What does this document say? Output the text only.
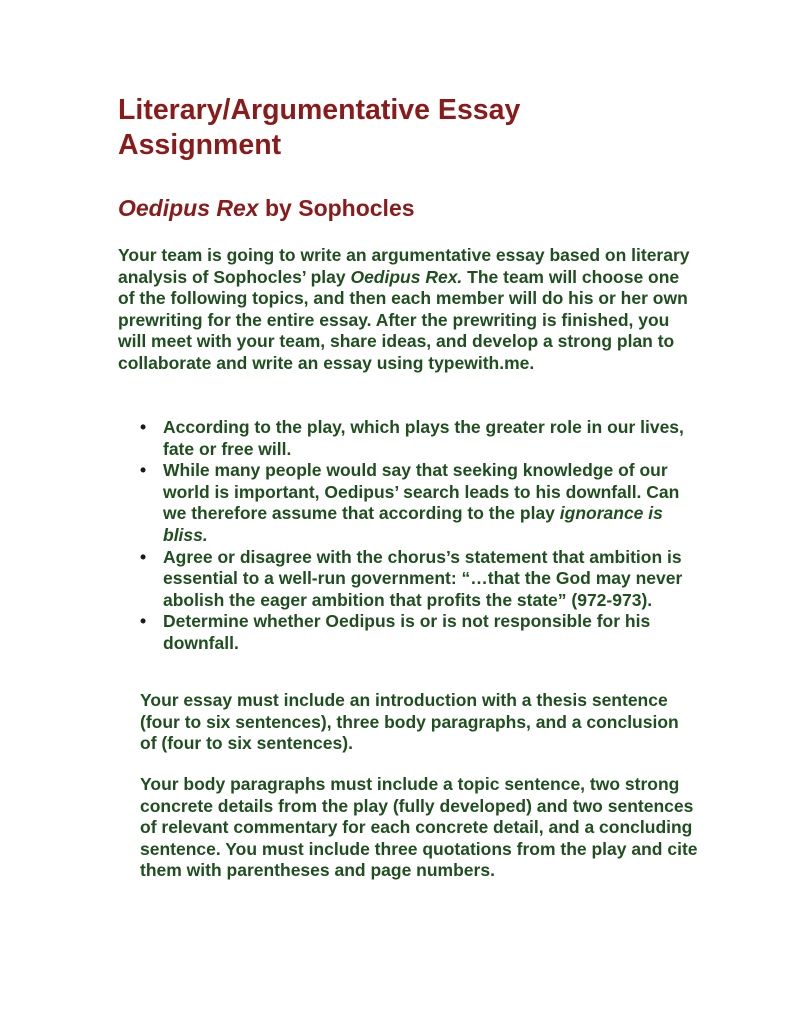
Literary/Argumentative Essay
Assignment
Oedipus Rex by Sophocles

Your team is going to write an argumentative essay based on literary analysis of Sophocles’ play Oedipus Rex. The team will choose one of the following topics, and then each member will do his or her own prewriting for the entire essay. After the prewriting is finished, you will meet with your team, share ideas, and develop a strong plan to collaborate and write an essay using typewith.me.

• According to the play, which plays the greater role in our lives, fate or free will.
• While many people would say that seeking knowledge of our world is important, Oedipus’ search leads to his downfall. Can we therefore assume that according to the play ignorance is bliss.
• Agree or disagree with the chorus’s statement that ambition is essential to a well-run government: “…that the God may never abolish the eager ambition that profits the state” (972-973).
• Determine whether Oedipus is or is not responsible for his downfall.

Your essay must include an introduction with a thesis sentence (four to six sentences), three body paragraphs, and a conclusion of (four to six sentences).

Your body paragraphs must include a topic sentence, two strong concrete details from the play (fully developed) and two sentences of relevant commentary for each concrete detail, and a concluding sentence. You must include three quotations from the play and cite them with parentheses and page numbers.
